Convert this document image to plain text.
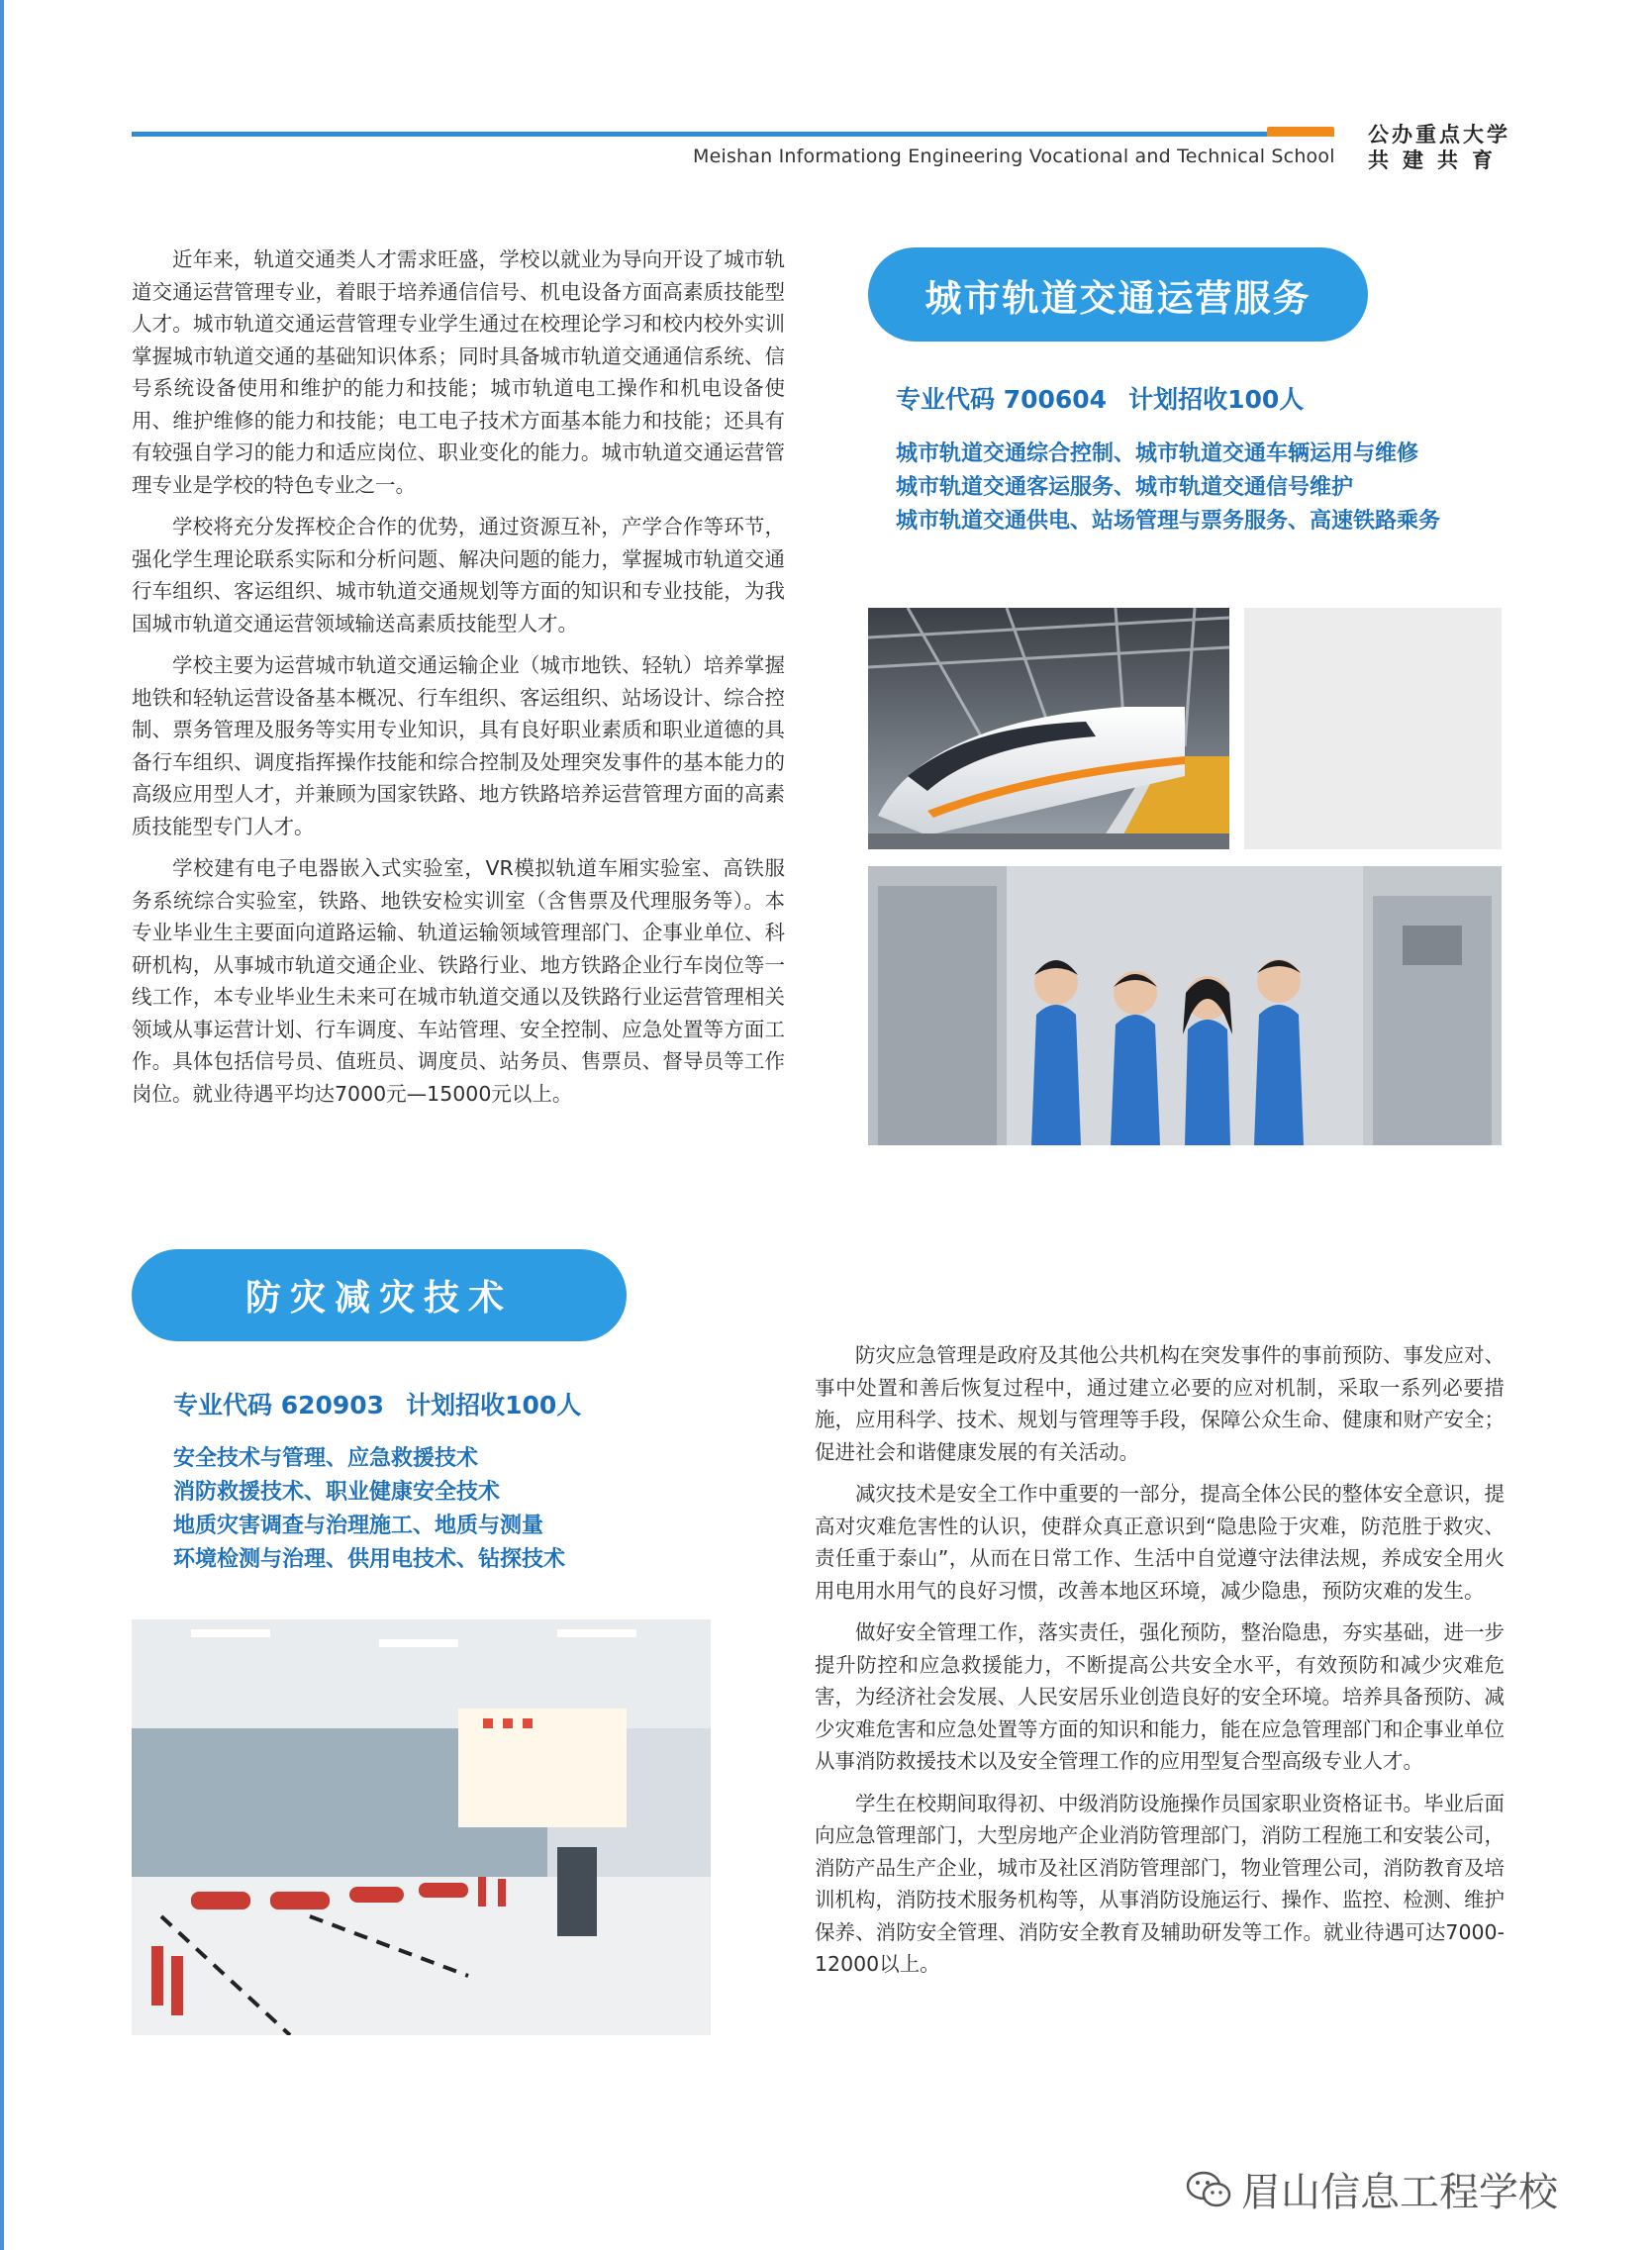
Meishan Informationg Engineering Vocational and Technical School
公办重点大学
共建共育

近年来，轨道交通类人才需求旺盛，学校以就业为导向开设了城市轨道交通运营管理专业，着眼于培养通信信号、机电设备方面高素质技能型人才。城市轨道交通运营管理专业学生通过在校理论学习和校内校外实训掌握城市轨道交通的基础知识体系；同时具备城市轨道交通通信系统、信号系统设备使用和维护的能力和技能；城市轨道电工操作和机电设备使用、维护维修的能力和技能；电工电子技术方面基本能力和技能；还具有有较强自学习的能力和适应岗位、职业变化的能力。城市轨道交通运营管理专业是学校的特色专业之一。

学校将充分发挥校企合作的优势，通过资源互补，产学合作等环节，强化学生理论联系实际和分析问题、解决问题的能力，掌握城市轨道交通行车组织、客运组织、城市轨道交通规划等方面的知识和专业技能，为我国城市轨道交通运营领域输送高素质技能型人才。

学校主要为运营城市轨道交通运输企业（城市地铁、轻轨）培养掌握地铁和轻轨运营设备基本概况、行车组织、客运组织、站场设计、综合控制、票务管理及服务等实用专业知识，具有良好职业素质和职业道德的具备行车组织、调度指挥操作技能和综合控制及处理突发事件的基本能力的高级应用型人才，并兼顾为国家铁路、地方铁路培养运营管理方面的高素质技能型专门人才。

学校建有电子电器嵌入式实验室，VR模拟轨道车厢实验室、高铁服务系统综合实验室，铁路、地铁安检实训室（含售票及代理服务等）。本专业毕业生主要面向道路运输、轨道运输领域管理部门、企事业单位、科研机构，从事城市轨道交通企业、铁路行业、地方铁路企业行车岗位等一线工作，本专业毕业生未来可在城市轨道交通以及铁路行业运营管理相关领域从事运营计划、行车调度、车站管理、安全控制、应急处置等方面工作。具体包括信号员、值班员、调度员、站务员、售票员、督导员等工作岗位。就业待遇平均达7000元—15000元以上。

城市轨道交通运营服务
专业代码 700604 计划招收100人
城市轨道交通综合控制、城市轨道交通车辆运用与维修
城市轨道交通客运服务、城市轨道交通信号维护
城市轨道交通供电、站场管理与票务服务、高速铁路乘务
防灾减灾技术
专业代码 620903 计划招收100人
安全技术与管理、应急救援技术
消防救援技术、职业健康安全技术
地质灾害调查与治理施工、地质与测量
环境检测与治理、供用电技术、钻探技术

防灾应急管理是政府及其他公共机构在突发事件的事前预防、事发应对、事中处置和善后恢复过程中，通过建立必要的应对机制，采取一系列必要措施，应用科学、技术、规划与管理等手段，保障公众生命、健康和财产安全；促进社会和谐健康发展的有关活动。

减灾技术是安全工作中重要的一部分，提高全体公民的整体安全意识，提高对灾难危害性的认识，使群众真正意识到“隐患险于灾难，防范胜于救灾、责任重于泰山”，从而在日常工作、生活中自觉遵守法律法规，养成安全用火用电用水用气的良好习惯，改善本地区环境，减少隐患，预防灾难的发生。

做好安全管理工作，落实责任，强化预防，整治隐患，夯实基础，进一步提升防控和应急救援能力，不断提高公共安全水平，有效预防和减少灾难危害，为经济社会发展、人民安居乐业创造良好的安全环境。培养具备预防、减少灾难危害和应急处置等方面的知识和能力，能在应急管理部门和企事业单位从事消防救援技术以及安全管理工作的应用型复合型高级专业人才。

学生在校期间取得初、中级消防设施操作员国家职业资格证书。毕业后面向应急管理部门，大型房地产企业消防管理部门，消防工程施工和安装公司，消防产品生产企业，城市及社区消防管理部门，物业管理公司，消防教育及培训机构，消防技术服务机构等，从事消防设施运行、操作、监控、检测、维护保养、消防安全管理、消防安全教育及辅助研发等工作。就业待遇可达7000-12000以上。

眉山信息工程学校
